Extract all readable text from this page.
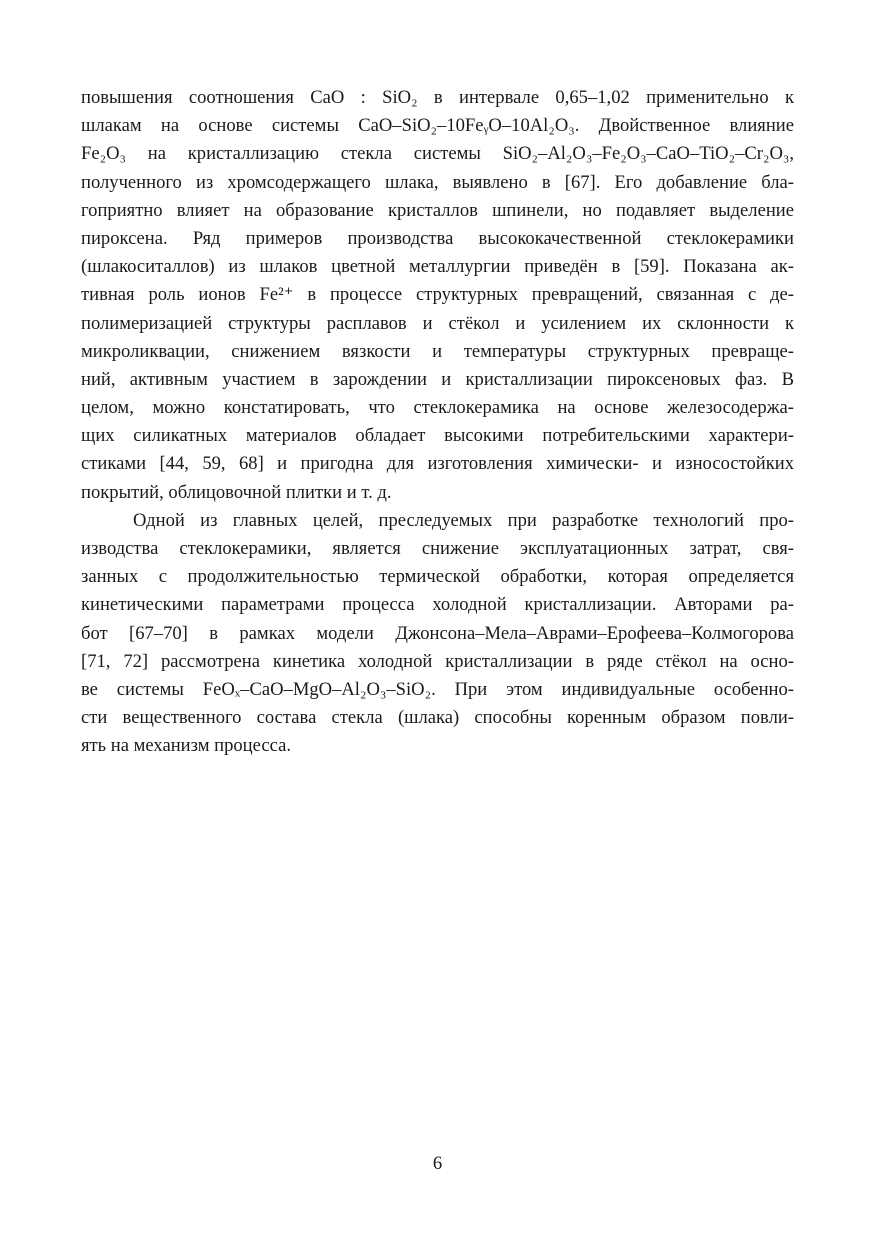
повышения соотношения CaO : SiO₂ в интервале 0,65–1,02 применительно к
шлакам на основе системы CaO–SiO₂–10FeᵧO–10Al₂O₃. Двойственное влияние
Fe₂O₃ на кристаллизацию стекла системы SiO₂–Al₂O₃–Fe₂O₃–CaO–TiO₂–Cr₂O₃,
полученного из хромсодержащего шлака, выявлено в [67]. Его добавление бла-
гоприятно влияет на образование кристаллов шпинели, но подавляет выделение
пироксена. Ряд примеров производства высококачественной стеклокерамики
(шлакоситаллов) из шлаков цветной металлургии приведён в [59]. Показана ак-
тивная роль ионов Fe²⁺ в процессе структурных превращений, связанная с де-
полимеризацией структуры расплавов и стёкол и усилением их склонности к
микроликвации, снижением вязкости и температуры структурных превраще-
ний, активным участием в зарождении и кристаллизации пироксеновых фаз. В
целом, можно констатировать, что стеклокерамика на основе железосодержа-
щих силикатных материалов обладает высокими потребительскими характери-
стиками [44, 59, 68] и пригодна для изготовления химически- и износостойких
покрытий, облицовочной плитки и т. д.
Одной из главных целей, преследуемых при разработке технологий про-
изводства стеклокерамики, является снижение эксплуатационных затрат, свя-
занных с продолжительностью термической обработки, которая определяется
кинетическими параметрами процесса холодной кристаллизации. Авторами ра-
бот [67–70] в рамках модели Джонсона–Мела–Аврами–Ерофеева–Колмогорова
[71, 72] рассмотрена кинетика холодной кристаллизации в ряде стёкол на осно-
ве системы FeOₓ–CaO–MgO–Al₂O₃–SiO₂. При этом индивидуальные особенно-
сти вещественного состава стекла (шлака) способны коренным образом повли-
ять на механизм процесса.
6
